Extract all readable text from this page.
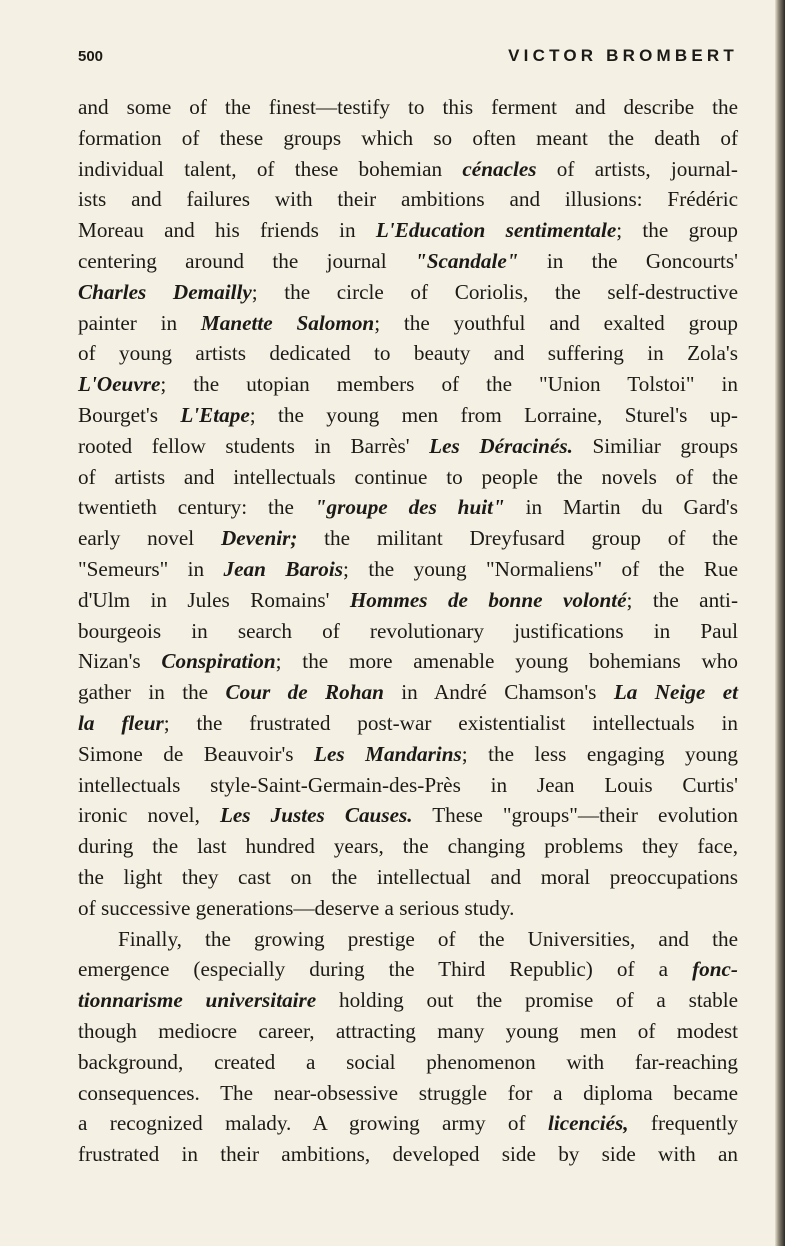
500	VICTOR BROMBERT
and some of the finest—testify to this ferment and describe the
formation of these groups which so often meant the death of
individual talent, of these bohemian cénacles of artists, journal-
ists and failures with their ambitions and illusions: Frédéric
Moreau and his friends in L'Education sentimentale; the group
centering around the journal "Scandale" in the Goncourts'
Charles Demailly; the circle of Coriolis, the self-destructive
painter in Manette Salomon; the youthful and exalted group
of young artists dedicated to beauty and suffering in Zola's
L'Oeuvre; the utopian members of the "Union Tolstoi" in
Bourget's L'Etape; the young men from Lorraine, Sturel's up-
rooted fellow students in Barrès' Les Déracinés. Similiar groups
of artists and intellectuals continue to people the novels of the
twentieth century: the "groupe des huit" in Martin du Gard's
early novel Devenir; the militant Dreyfusard group of the
"Semeurs" in Jean Barois; the young "Normaliens" of the Rue
d'Ulm in Jules Romains' Hommes de bonne volonté; the anti-
bourgeois in search of revolutionary justifications in Paul
Nizan's Conspiration; the more amenable young bohemians who
gather in the Cour de Rohan in André Chamson's La Neige et
la fleur; the frustrated post-war existentialist intellectuals in
Simone de Beauvoir's Les Mandarins; the less engaging young
intellectuals style-Saint-Germain-des-Près in Jean Louis Curtis'
ironic novel, Les Justes Causes. These "groups"—their evolution
during the last hundred years, the changing problems they face,
the light they cast on the intellectual and moral preoccupations
of successive generations—deserve a serious study.
Finally, the growing prestige of the Universities, and the
emergence (especially during the Third Republic) of a fonc-
tionnarisme universitaire holding out the promise of a stable
though mediocre career, attracting many young men of modest
background, created a social phenomenon with far-reaching
consequences. The near-obsessive struggle for a diploma became
a recognized malady. A growing army of licenciés, frequently
frustrated in their ambitions, developed side by side with an
